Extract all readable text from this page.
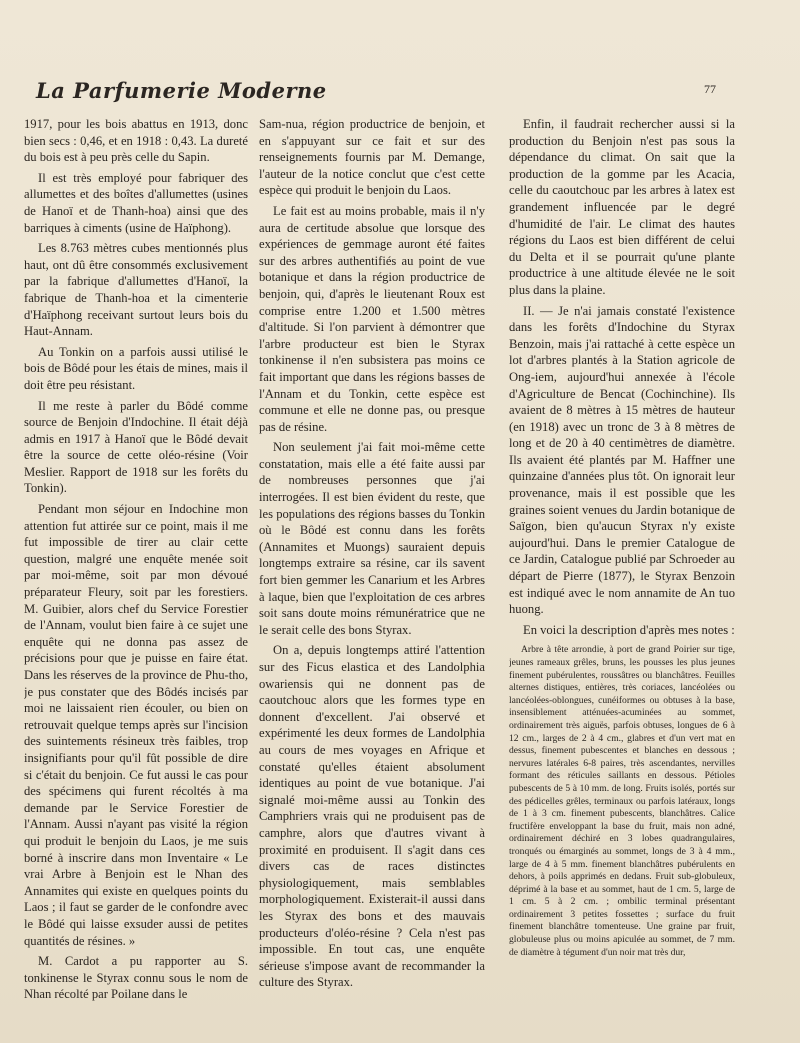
La Parfumerie Moderne	77

1917, pour les bois abattus en 1913, donc bien secs : 0,46, et en 1918 : 0,43. La dureté du bois est à peu près celle du Sapin.

Il est très employé pour fabriquer des allumettes et des boîtes d'allumettes (usines de Hanoï et de Thanh-hoa) ainsi que des barriques à ciments (usine de Haïphong).

Les 8.763 mètres cubes mentionnés plus haut, ont dû être consommés exclusivement par la fabrique d'allumettes d'Hanoï, la fabrique de Thanh-hoa et la cimenterie d'Haïphong receivant surtout leurs bois du Haut-Annam.

Au Tonkin on a parfois aussi utilisé le bois de Bôdé pour les étais de mines, mais il doit être peu résistant.

Il me reste à parler du Bôdé comme source de Benjoin d'Indochine. Il était déjà admis en 1917 à Hanoï que le Bôdé devait être la source de cette oléo-résine (Voir Meslier. Rapport de 1918 sur les forêts du Tonkin).

Pendant mon séjour en Indochine mon attention fut attirée sur ce point, mais il me fut impossible de tirer au clair cette question, malgré une enquête menée soit par moi-même, soit par mon dévoué préparateur Fleury, soit par les forestiers. M. Guibier, alors chef du Service Forestier de l'Annam, voulut bien faire à ce sujet une enquête qui ne donna pas assez de précisions pour que je puisse en faire état. Dans les réserves de la province de Phu-tho, je pus constater que des Bôdés incisés par moi ne laissaient rien écouler, ou bien on retrouvait quelque temps après sur l'incision des suintements résineux très faibles, trop insignifiants pour qu'il fût possible de dire si c'était du benjoin. Ce fut aussi le cas pour des spécimens qui furent récoltés à ma demande par le Service Forestier de l'Annam. Aussi n'ayant pas visité la région qui produit le benjoin du Laos, je me suis borné à inscrire dans mon Inventaire « Le vrai Arbre à Benjoin est le Nhan des Annamites qui existe en quelques points du Laos ; il faut se garder de le confondre avec le Bôdé qui laisse exsuder aussi de petites quantités de résines. »

M. Cardot a pu rapporter au S. tonkinense le Styrax connu sous le nom de Nhan récolté par Poilane dans le

Sam-nua, région productrice de benjoin, et en s'appuyant sur ce fait et sur des renseignements fournis par M. Demange, l'auteur de la notice conclut que c'est cette espèce qui produit le benjoin du Laos.

Le fait est au moins probable, mais il n'y aura de certitude absolue que lorsque des expériences de gemmage auront été faites sur des arbres authentifiés au point de vue botanique et dans la région productrice de benjoin, qui, d'après le lieutenant Roux est comprise entre 1.200 et 1.500 mètres d'altitude. Si l'on parvient à démontrer que l'arbre producteur est bien le Styrax tonkinense il n'en subsistera pas moins ce fait important que dans les régions basses de l'Annam et du Tonkin, cette espèce est commune et elle ne donne pas, ou presque pas de résine.

Non seulement j'ai fait moi-même cette constatation, mais elle a été faite aussi par de nombreuses personnes que j'ai interrogées. Il est bien évident du reste, que les populations des régions basses du Tonkin où le Bôdé est connu dans les forêts (Annamites et Muongs) sauraient depuis longtemps extraire sa résine, car ils savent fort bien gemmer les Canarium et les Arbres à laque, bien que l'exploitation de ces arbres soit sans doute moins rémunératrice que ne le serait celle des bons Styrax.

On a, depuis longtemps attiré l'attention sur des Ficus elastica et des Landolphia owariensis qui ne donnent pas de caoutchouc alors que les formes type en donnent d'excellent. J'ai observé et expérimenté les deux formes de Landolphia au cours de mes voyages en Afrique et constaté qu'elles étaient absolument identiques au point de vue botanique. J'ai signalé moi-même aussi au Tonkin des Camphriers vrais qui ne produisent pas de camphre, alors que d'autres vivant à proximité en produisent. Il s'agit dans ces divers cas de races distinctes physiologiquement, mais semblables morphologiquement. Existerait-il aussi dans les Styrax des bons et des mauvais producteurs d'oléo-résine ? Cela n'est pas impossible. En tout cas, une enquête sérieuse s'impose avant de recommander la culture des Styrax.

Enfin, il faudrait rechercher aussi si la production du Benjoin n'est pas sous la dépendance du climat. On sait que la production de la gomme par les Acacia, celle du caoutchouc par les arbres à latex est grandement influencée par le degré d'humidité de l'air. Le climat des hautes régions du Laos est bien différent de celui du Delta et il se pourrait qu'une plante productrice à une altitude élevée ne le soit plus dans la plaine.

II. — Je n'ai jamais constaté l'existence dans les forêts d'Indochine du Styrax Benzoin, mais j'ai rattaché à cette espèce un lot d'arbres plantés à la Station agricole de Ong-iem, aujourd'hui annexée à l'école d'Agriculture de Bencat (Cochinchine). Ils avaient de 8 mètres à 15 mètres de hauteur (en 1918) avec un tronc de 3 à 8 mètres de long et de 20 à 40 centimètres de diamètre. Ils avaient été plantés par M. Haffner une quinzaine d'années plus tôt. On ignorait leur provenance, mais il est possible que les graines soient venues du Jardin botanique de Saïgon, bien qu'aucun Styrax n'y existe aujourd'hui. Dans le premier Catalogue de ce Jardin, Catalogue publié par Schroeder au départ de Pierre (1877), le Styrax Benzoin est indiqué avec le nom annamite de An tuo huong.

En voici la description d'après mes notes :

Arbre à tête arrondie, à port de grand Poirier sur tige, jeunes rameaux grêles, bruns, les pousses les plus jeunes finement pubérulentes, roussâtres ou blanchâtres. Feuilles alternes distiques, entières, très coriaces, lancéolées ou lancéolées-oblongues, cunéiformes ou obtuses à la base, insensiblement atténuées-acuminées au sommet, ordinairement très aiguës, parfois obtuses, longues de 6 à 12 cm., larges de 2 à 4 cm., glabres et d'un vert mat en dessus, finement pubescentes et blanches en dessous ; nervures latérales 6-8 paires, très ascendantes, nervilles formant des réticules saillants en dessous. Pétioles pubescents de 5 à 10 mm. de long. Fruits isolés, portés sur des pédicelles grêles, terminaux ou parfois latéraux, longs de 1 à 3 cm. finement pubescents, blanchâtres. Calice fructifère enveloppant la base du fruit, mais non adné, ordinairement déchiré en 3 lobes quadrangulaires, tronqués ou émarginés au sommet, longs de 3 à 4 mm., large de 4 à 5 mm. finement blanchâtres pubérulents en dehors, à poils apprimés en dedans. Fruit sub-globuleux, déprimé à la base et au sommet, haut de 1 cm. 5, large de 1 cm. 5 à 2 cm. ; ombilic terminal présentant ordinairement 3 petites fossettes ; surface du fruit finement blanchâtre tomenteuse. Une graine par fruit, globuleuse plus ou moins apiculée au sommet, de 7 mm. de diamètre à tégument d'un noir mat très dur,
